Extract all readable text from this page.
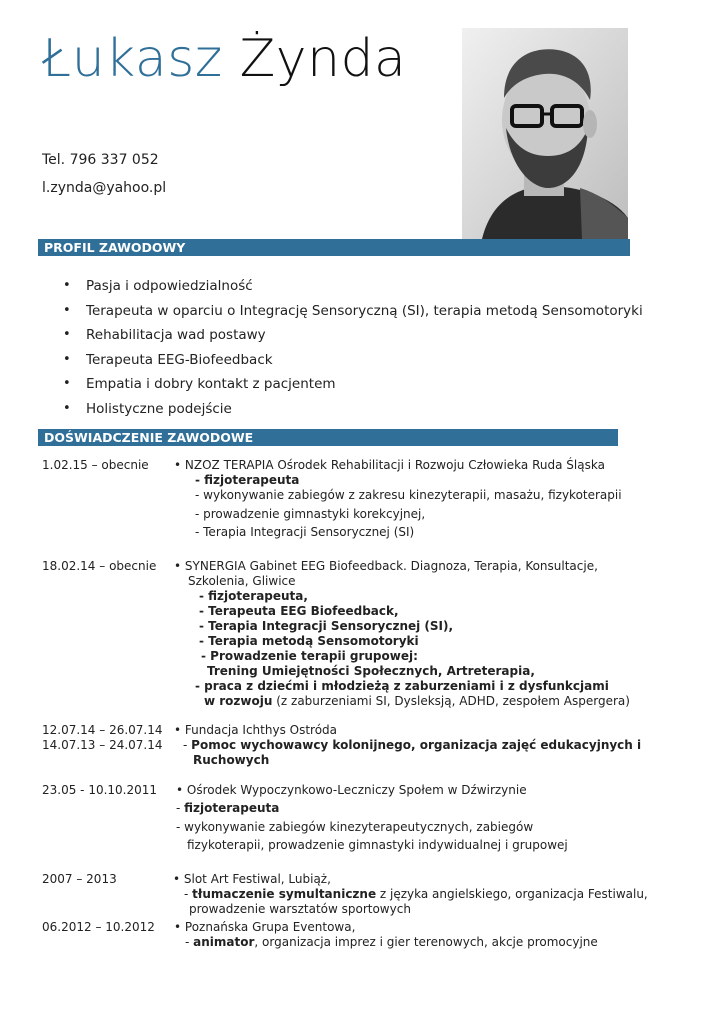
Łukasz Żynda
Tel. 796 337 052
l.zynda@yahoo.pl
PROFIL ZAWODOWY
DOŚWIADCZENIE ZAWODOWE
• Pasja i odpowiedzialność
• Terapeuta w oparciu o Integrację Sensoryczną (SI), terapia metodą Sensomotoryki
• Rehabilitacja wad postawy
• Terapeuta EEG-Biofeedback
• Empatia i dobry kontakt z pacjentem
• Holistyczne podejście
1.02.15 – obecnie • NZOZ TERAPIA Ośrodek Rehabilitacji i Rozwoju Człowieka Ruda Śląska
- fizjoterapeuta
- wykonywanie zabiegów z zakresu kinezyterapii, masażu, fizykoterapii
- prowadzenie gimnastyki korekcyjnej,
- Terapia Integracji Sensorycznej (SI)
18.02.14 – obecnie • SYNERGIA Gabinet EEG Biofeedback. Diagnoza, Terapia, Konsultacje,
Szkolenia, Gliwice
- fizjoterapeuta,
- Terapeuta EEG Biofeedback,
- Terapia Integracji Sensorycznej (SI),
- Terapia metodą Sensomotoryki
- Prowadzenie terapii grupowej:
Trening Umiejętności Społecznych, Artreterapia,
- praca z dziećmi i młodzieżą z zaburzeniami i z dysfunkcjami
w rozwoju (z zaburzeniami SI, Dysleksją, ADHD, zespołem Aspergera)
12.07.14 – 26.07.14
14.07.13 – 24.07.14
• Fundacja Ichthys Ostróda
- Pomoc wychowawcy kolonijnego, organizacja zajęć edukacyjnych i
Ruchowych
23.05 - 10.10.2011 • Ośrodek Wypoczynkowo-Leczniczy Społem w Dźwirzynie
- fizjoterapeuta
- wykonywanie zabiegów kinezyterapeutycznych, zabiegów
fizykoterapii, prowadzenie gimnastyki indywidualnej i grupowej
2007 – 2013	• Slot Art Festiwal, Lubiąż,
- tłumaczenie symultaniczne z języka angielskiego, organizacja Festiwalu,
prowadzenie warsztatów sportowych
06.2012 – 10.2012 • Poznańska Grupa Eventowa,
- animator, organizacja imprez i gier terenowych, akcje promocyjne
